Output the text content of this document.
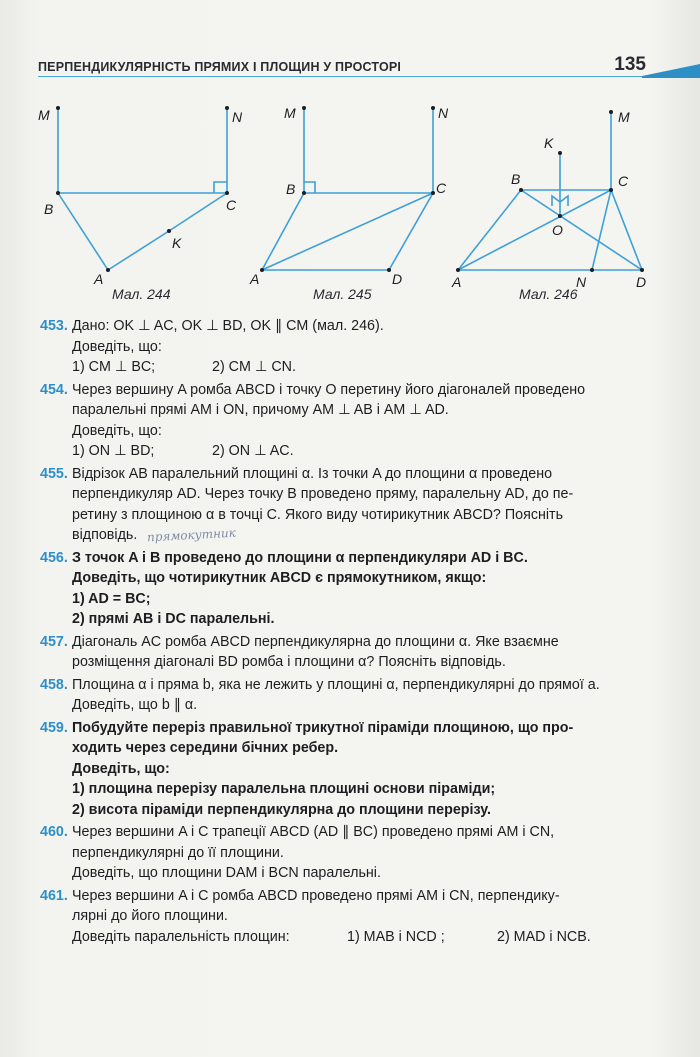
ПЕРПЕНДИКУЛЯРНІСТЬ ПРЯМИХ І ПЛОЩИН У ПРОСТОРІ	135
M	N
B	C
K
A
M	N
B	C
A	D
M
K
B	C
O
A	N	D
Мал. 244	Мал. 245	Мал. 246
453. Дано: OK ⊥ AC, OK ⊥ BD, OK ∥ CM (мал. 246).
Доведіть, що:
1) CM ⊥ BC;	2) CM ⊥ CN.
454. Через вершину A ромба ABCD і точку O перетину його діагоналей проведено
паралельні прямі AM і ON, причому AM ⊥ AB і AM ⊥ AD.
Доведіть, що:
1) ON ⊥ BD;	2) ON ⊥ AC.
455. Відрізок AB паралельний площині α. Із точки A до площини α проведено
перпендикуляр AD. Через точку B проведено пряму, паралельну AD, до пе-
ретину з площиною α в точці C. Якого виду чотирикутник ABCD? Поясніть
відповідь. прямокутник
456. З точок A і B проведено до площини α перпендикуляри AD і BC.
Доведіть, що чотирикутник ABCD є прямокутником, якщо:
1) AD = BC;
2) прямі AB і DC паралельні.
457. Діагональ AC ромба ABCD перпендикулярна до площини α. Яке взаємне
розміщення діагоналі BD ромба і площини α? Поясніть відповідь.
458. Площина α і пряма b, яка не лежить у площині α, перпендикулярні до прямої a.
Доведіть, що b ∥ α.
459. Побудуйте переріз правильної трикутної піраміди площиною, що про-
ходить через середини бічних ребер.
Доведіть, що:
1) площина перерізу паралельна площині основи піраміди;
2) висота піраміди перпендикулярна до площини перерізу.
460. Через вершини A і C трапеції ABCD (AD ∥ BC) проведено прямі AM і CN,
перпендикулярні до її площини.
Доведіть, що площини DAM і BCN паралельні.
461. Через вершини A і C ромба ABCD проведено прямі AM і CN, перпендику-
лярні до його площини.
Доведіть паралельність площин:	1) MAB і NCD ;	2) MAD і NCB.
